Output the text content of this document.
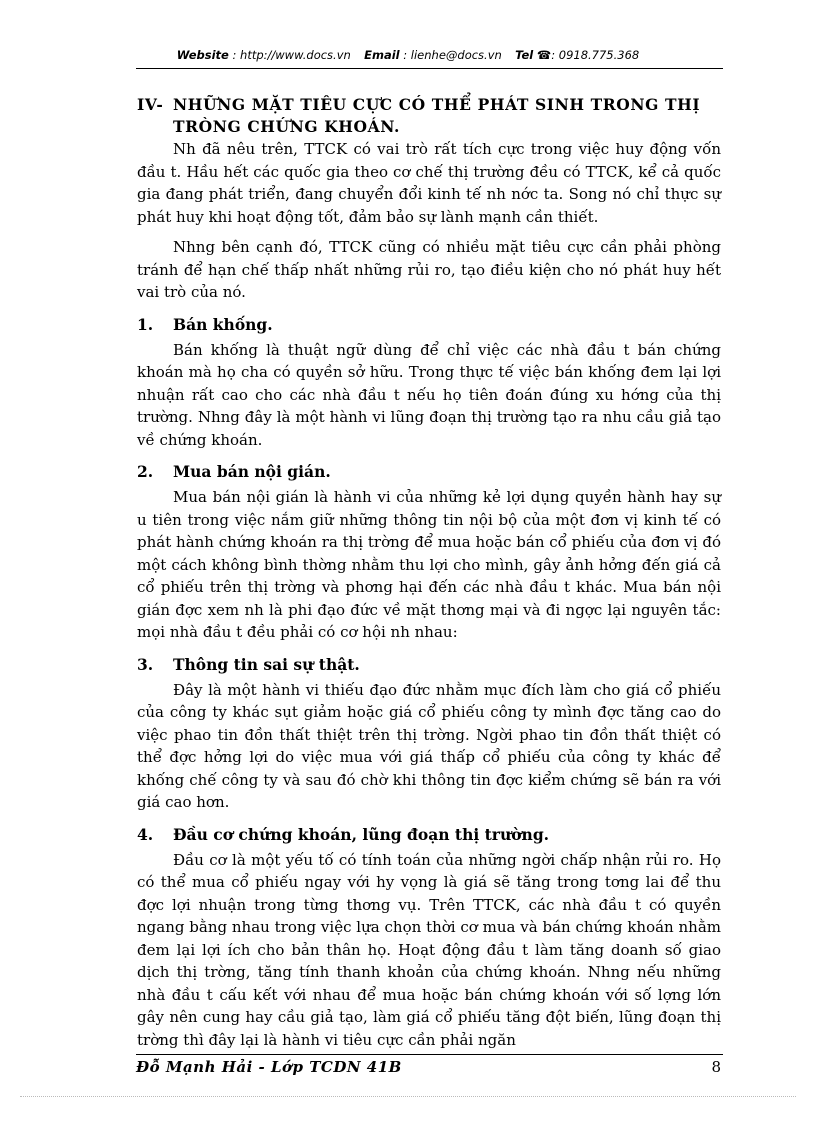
Website : http://www.docs.vn Email : lienhe@docs.vn Tel ☎: 0918.775.368
IV- NHỮNG MẶT TIÊU CỰC CÓ THỂ PHÁT SINH TRONG THỊ TRÒNG CHỨNG KHOÁN.

Nh đã nêu trên, TTCK có vai trò rất tích cực trong việc huy động vốn đầu t. Hầu hết các quốc gia theo cơ chế thị trường đều có TTCK, kể cả quốc gia đang phát triển, đang chuyển đổi kinh tế nh nớc ta. Song nó chỉ thực sự phát huy khi hoạt động tốt, đảm bảo sự lành mạnh cần thiết.

Nhng bên cạnh đó, TTCK cũng có nhiều mặt tiêu cực cần phải phòng tránh để hạn chế thấp nhất những rủi ro, tạo điều kiện cho nó phát huy hết vai trò của nó.

1. Bán khống.

Bán khống là thuật ngữ dùng để chỉ việc các nhà đầu t bán chứng khoán mà họ cha có quyền sở hữu. Trong thực tế việc bán khống đem lại lợi nhuận rất cao cho các nhà đầu t nếu họ tiên đoán đúng xu hớng của thị trường. Nhng đây là một hành vi lũng đoạn thị trường tạo ra nhu cầu giả tạo về chứng khoán.

2. Mua bán nội gián.

Mua bán nội gián là hành vi của những kẻ lợi dụng quyền hành hay sự u tiên trong việc nắm giữ những thông tin nội bộ của một đơn vị kinh tế có phát hành chứng khoán ra thị trờng để mua hoặc bán cổ phiếu của đơn vị đó một cách không bình thờng nhằm thu lợi cho mình, gây ảnh hởng đến giá cả cổ phiếu trên thị trờng và phơng hại đến các nhà đầu t khác. Mua bán nội gián đợc xem nh là phi đạo đức về mặt thơng mại và đi ngợc lại nguyên tắc: mọi nhà đầu t đều phải có cơ hội nh nhau:

3. Thông tin sai sự thật.

Đây là một hành vi thiếu đạo đức nhằm mục đích làm cho giá cổ phiếu của công ty khác sụt giảm hoặc giá cổ phiếu công ty mình đợc tăng cao do việc phao tin đồn thất thiệt trên thị trờng. Ngời phao tin đồn thất thiệt có thể đợc hởng lợi do việc mua với giá thấp cổ phiếu của công ty khác để khống chế công ty và sau đó chờ khi thông tin đợc kiểm chứng sẽ bán ra với giá cao hơn.

4. Đầu cơ chứng khoán, lũng đoạn thị trường.

Đầu cơ là một yếu tố có tính toán của những ngời chấp nhận rủi ro. Họ có thể mua cổ phiếu ngay với hy vọng là giá sẽ tăng trong tơng lai để thu đợc lợi nhuận trong từng thơng vụ. Trên TTCK, các nhà đầu t có quyền ngang bằng nhau trong việc lựa chọn thời cơ mua và bán chứng khoán nhằm đem lại lợi ích cho bản thân họ. Hoạt động đầu t làm tăng doanh số giao dịch thị trờng, tăng tính thanh khoản của chứng khoán. Nhng nếu những nhà đầu t cấu kết với nhau để mua hoặc bán chứng khoán với số lợng lớn gây nên cung hay cầu giả tạo, làm giá cổ phiếu tăng đột biến, lũng đoạn thị trờng thì đây lại là hành vi tiêu cực cần phải ngăn

Đỗ Mạnh Hải - Lớp TCDN 41B	8
